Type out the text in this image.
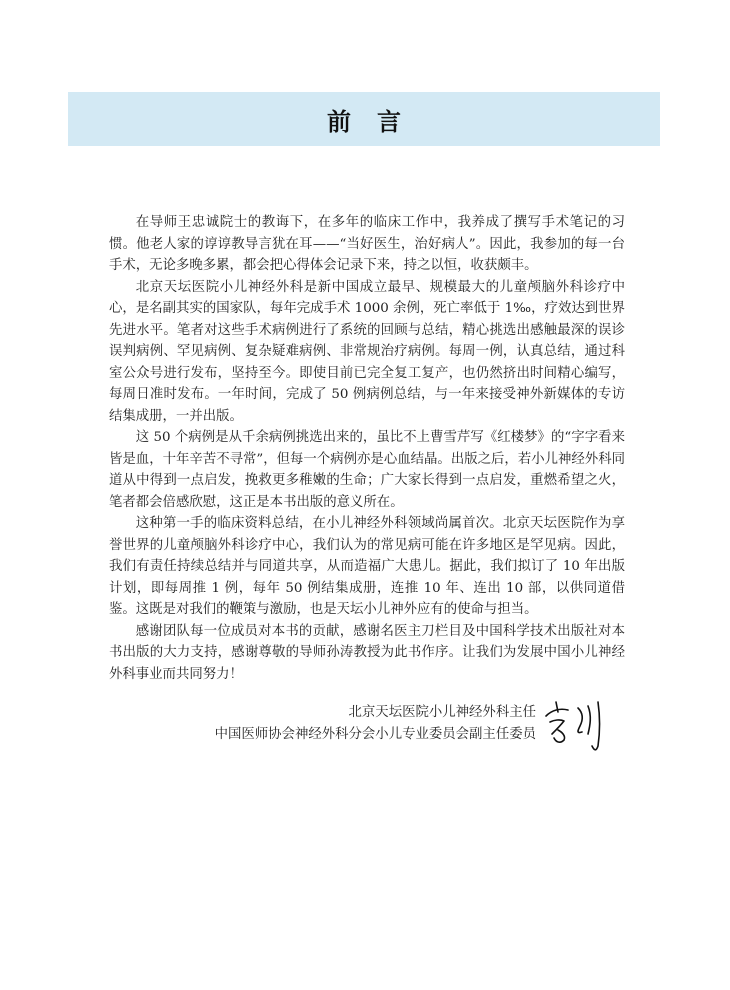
前言

在导师王忠诚院士的教诲下，在多年的临床工作中，我养成了撰写手术笔记的习惯。他老人家的谆谆教导言犹在耳——“当好医生，治好病人”。因此，我参加的每一台手术，无论多晚多累，都会把心得体会记录下来，持之以恒，收获颇丰。

北京天坛医院小儿神经外科是新中国成立最早、规模最大的儿童颅脑外科诊疗中心，是名副其实的国家队，每年完成手术 1000 余例，死亡率低于 1‰，疗效达到世界先进水平。笔者对这些手术病例进行了系统的回顾与总结，精心挑选出感触最深的误诊误判病例、罕见病例、复杂疑难病例、非常规治疗病例。每周一例，认真总结，通过科室公众号进行发布，坚持至今。即使目前已完全复工复产，也仍然挤出时间精心编写，每周日准时发布。一年时间，完成了 50 例病例总结，与一年来接受神外新媒体的专访结集成册，一并出版。

这 50 个病例是从千余病例挑选出来的，虽比不上曹雪芹写《红楼梦》的“字字看来皆是血，十年辛苦不寻常”，但每一个病例亦是心血结晶。出版之后，若小儿神经外科同道从中得到一点启发，挽救更多稚嫩的生命；广大家长得到一点启发，重燃希望之火，笔者都会倍感欣慰，这正是本书出版的意义所在。

这种第一手的临床资料总结，在小儿神经外科领域尚属首次。北京天坛医院作为享誉世界的儿童颅脑外科诊疗中心，我们认为的常见病可能在许多地区是罕见病。因此，我们有责任持续总结并与同道共享，从而造福广大患儿。据此，我们拟订了 10 年出版计划，即每周推 1 例，每年 50 例结集成册，连推 10 年、连出 10 部，以供同道借鉴。这既是对我们的鞭策与激励，也是天坛小儿神外应有的使命与担当。

感谢团队每一位成员对本书的贡献，感谢名医主刀栏目及中国科学技术出版社对本书出版的大力支持，感谢尊敬的导师孙涛教授为此书作序。让我们为发展中国小儿神经外科事业而共同努力！

北京天坛医院小儿神经外科主任
中国医师协会神经外科分会小儿专业委员会副主任委员
